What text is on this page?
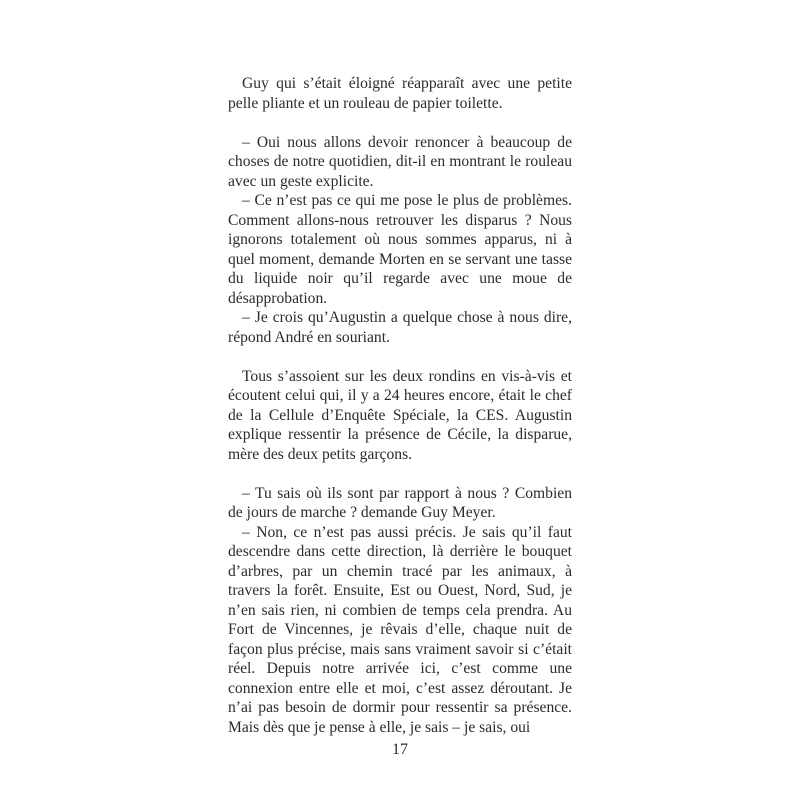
Guy qui s’était éloigné réapparaît avec une petite pelle pliante et un rouleau de papier toilette.

– Oui nous allons devoir renoncer à beaucoup de choses de notre quotidien, dit-il en montrant le rouleau avec un geste explicite.

– Ce n’est pas ce qui me pose le plus de problèmes. Comment allons-nous retrouver les disparus ? Nous ignorons totalement où nous sommes apparus, ni à quel moment, demande Morten en se servant une tasse du liquide noir qu’il regarde avec une moue de désapprobation.

– Je crois qu’Augustin a quelque chose à nous dire, répond André en souriant.

Tous s’assoient sur les deux rondins en vis-à-vis et écoutent celui qui, il y a 24 heures encore, était le chef de la Cellule d’Enquête Spéciale, la CES. Augustin explique ressentir la présence de Cécile, la disparue, mère des deux petits garçons.

– Tu sais où ils sont par rapport à nous ? Combien de jours de marche ? demande Guy Meyer.

– Non, ce n’est pas aussi précis. Je sais qu’il faut descendre dans cette direction, là derrière le bouquet d’arbres, par un chemin tracé par les animaux, à travers la forêt. Ensuite, Est ou Ouest, Nord, Sud, je n’en sais rien, ni combien de temps cela prendra. Au Fort de Vincennes, je rêvais d’elle, chaque nuit de façon plus précise, mais sans vraiment savoir si c’était réel. Depuis notre arrivée ici, c’est comme une connexion entre elle et moi, c’est assez déroutant. Je n’ai pas besoin de dormir pour ressentir sa présence. Mais dès que je pense à elle, je sais – je sais, oui

17
